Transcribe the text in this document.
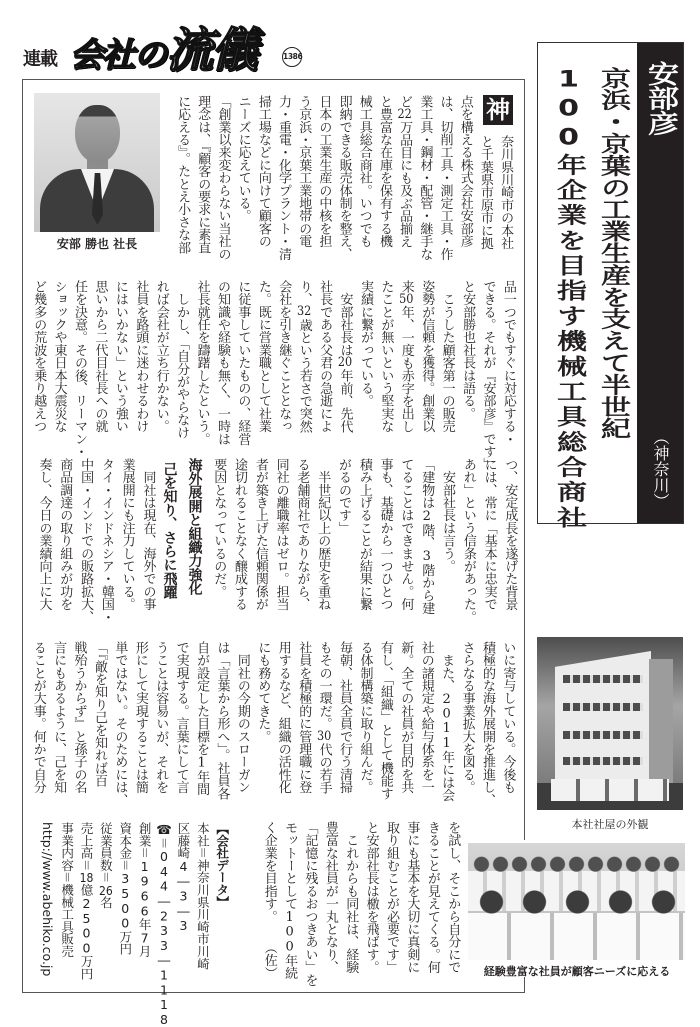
連載 会社の流儀	1386
安部彦
（神奈川）
京浜・京葉の工業生産を支えて半世紀
100年企業を目指す機械工具総合商社
安部 勝也 社長
本社社屋の外観
経験豊富な社員が顧客ニーズに応える
神
奈川県川崎市の本社
と千葉県市原市に拠
点を構える株式会社安部彦
は、切削工具・測定工具・作
業工具・鋼材・配管・継手な
ど22万品目にも及ぶ品揃え
と豊富な在庫を保有する機
械工具総合商社。いつでも
即納できる販売体制を整え、
日本の工業生産の中核を担
う京浜・京葉工業地帯の電
力・重電・化学プラント・清
掃工場などに向けて顧客の
ニーズに応えている。
「創業以来変わらない当社の
理念は、『顧客の要求に素直
に応える』。たとえ小さな部
品一つでもすぐに対応する・
できる。それが『安部彦』です」
と安部勝也社長は語る。
　こうした顧客第一の販売
姿勢が信頼を獲得。創業以
来50年、一度も赤字を出し
たことが無いという堅実な
実績に繋がっている。
　安部社長は20年前、先代
社長である父君の急逝によ
り、32歳という若さで突然
会社を引き継ぐこととなっ
た。既に営業職として社業
に従事していたものの、経営
の知識や経験も無く、一時は
社長就任を躊躇したという。
　しかし、「自分がやらなけ
れば会社が立ち行かない。
社員を路頭に迷わせるわけ
にはいかない」という強い
思いから二代目社長への就
任を決意。その後、リーマン・
ショックや東日本大震災な
ど幾多の荒波を乗り越えつ
つ、安定成長を遂げた背景
には、常に「基本に忠実で
あれ」という信条があった。
　安部社長は言う。
「建物は2階、3階から建
てることはできません。何
事も、基礎から一つひとつ
積み上げることが結果に繋
がるのです」
　半世紀以上の歴史を重ね
る老舗商社でありながら、
同社の離職率はゼロ。担当
者が築き上げた信頼関係が
途切れることなく醸成する
要因となっているのだ。
海外展開と組織力強化
己を知り、さらに飛躍
　同社は現在、海外での事
業展開にも注力している。
タイ・インドネシア・韓国・
中国・インドでの販路拡大、
商品調達の取り組みが功を
奏し、今日の業績向上に大
いに寄与している。今後も
積極的な海外展開を推進し、
さらなる事業拡大を図る。
　また、2011年には会
社の諸規定や給与体系を一
新。全ての社員が目的を共
有し、「組織」として機能す
る体制構築に取り組んだ。
毎朝、社員全員で行う清掃
もその一環だ。30代の若手
社員を積極的に管理職に登
用するなど、組織の活性化
にも務めてきた。
　同社の今期のスローガン
は「言葉から形へ」。社員各
自が設定した目標を1年間
で実現する。言葉にして言
うことは容易いが、それを
形にして実現することは簡
単ではない。そのためには、
「『敵を知り己を知れば百
戦殆うからず』と孫子の名
言にもあるように、己を知
ることが大事。何かで自分
を試し、そこから自分にで
きることが見えてくる。何
事にも基本を大切に真剣に
取り組むことが必要です」
と安部社長は檄を飛ばす。
　これからも同社は、経験
豊富な社員が一丸となり、
「記憶に残るおつきあい」を
モットーとして100年続
く企業を目指す。
（佐）
【会社データ】
本社＝神奈川県川崎市川崎
区藤崎4―3―3
☎＝044―233―1118
創業＝1966年7月
資本金＝3500万円
従業員数＝26名
売上高＝18億2500万円
事業内容＝機械工具販売
http://www.abehiko.co.jp
